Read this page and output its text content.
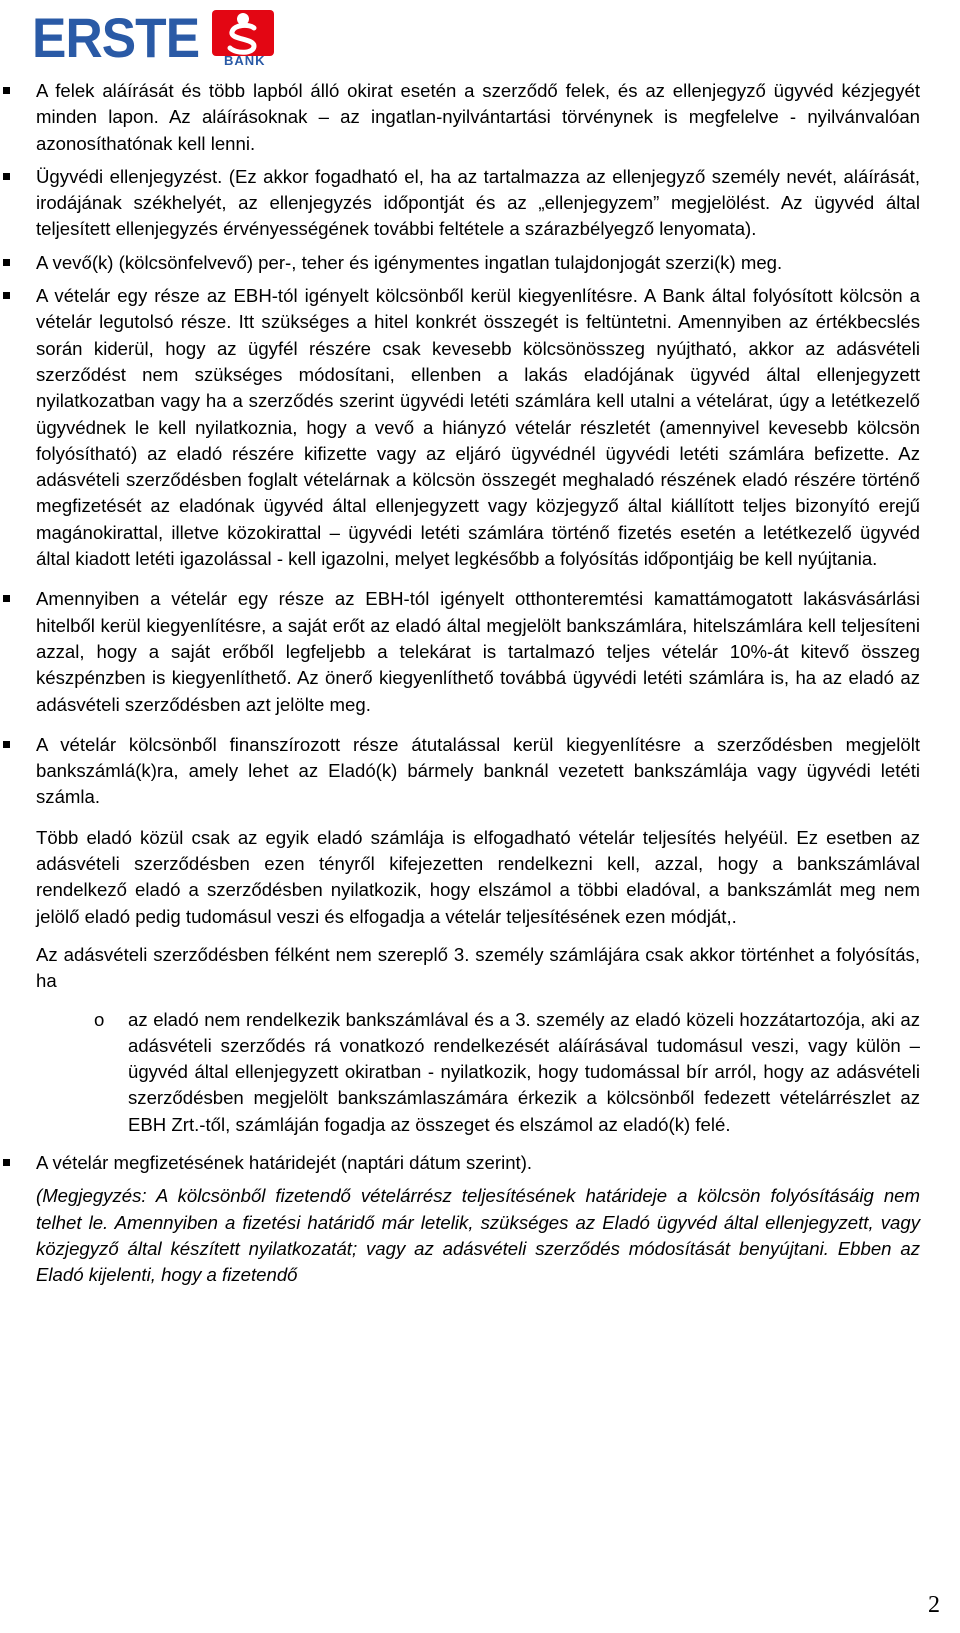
ERSTE BANK
A felek aláírását és több lapból álló okirat esetén a szerződő felek, és az ellenjegyző ügyvéd kézjegyét minden lapon. Az aláírásoknak – az ingatlan-nyilvántartási törvénynek is megfelelve - nyilvánvalóan azonosíthatónak kell lenni.
Ügyvédi ellenjegyzést. (Ez akkor fogadható el, ha az tartalmazza az ellenjegyző személy nevét, aláírását, irodájának székhelyét, az ellenjegyzés időpontját és az „ellenjegyzem” megjelölést. Az ügyvéd által teljesített ellenjegyzés érvényességének további feltétele a szárazbélyegző lenyomata).
A vevő(k) (kölcsönfelvevő) per-, teher és igénymentes ingatlan tulajdonjogát szerzi(k) meg.
A vételár egy része az EBH-tól igényelt kölcsönből kerül kiegyenlítésre. A Bank által folyósított kölcsön a vételár legutolsó része. Itt szükséges a hitel konkrét összegét is feltüntetni. Amennyiben az értékbecslés során kiderül, hogy az ügyfél részére csak kevesebb kölcsönösszeg nyújtható, akkor az adásvételi szerződést nem szükséges módosítani, ellenben a lakás eladójának ügyvéd által ellenjegyzett nyilatkozatban vagy ha a szerződés szerint ügyvédi letéti számlára kell utalni a vételárat, úgy a letétkezelő ügyvédnek le kell nyilatkoznia, hogy a vevő a hiányzó vételár részletét (amennyivel kevesebb kölcsön folyósítható) az eladó részére kifizette vagy az eljáró ügyvédnél ügyvédi letéti számlára befizette. Az adásvételi szerződésben foglalt vételárnak a kölcsön összegét meghaladó részének eladó részére történő megfizetését az eladónak ügyvéd által ellenjegyzett vagy közjegyző által kiállított teljes bizonyító erejű magánokirattal, illetve közokirattal – ügyvédi letéti számlára történő fizetés esetén a letétkezelő ügyvéd által kiadott letéti igazolással - kell igazolni, melyet legkésőbb a folyósítás időpontjáig be kell nyújtania.
Amennyiben a vételár egy része az EBH-tól igényelt otthonteremtési kamattámogatott lakásvásárlási hitelből kerül kiegyenlítésre, a saját erőt az eladó által megjelölt bankszámlára, hitelszámlára kell teljesíteni azzal, hogy a saját erőből legfeljebb a telekárat is tartalmazó teljes vételár 10%-át kitevő összeg készpénzben is kiegyenlíthető. Az önerő kiegyenlíthető továbbá ügyvédi letéti számlára is, ha az eladó az adásvételi szerződésben azt jelölte meg.
A vételár kölcsönből finanszírozott része átutalással kerül kiegyenlítésre a szerződésben megjelölt bankszámlá(k)ra, amely lehet az Eladó(k) bármely banknál vezetett bankszámlája vagy ügyvédi letéti számla.
Több eladó közül csak az egyik eladó számlája is elfogadható vételár teljesítés helyéül. Ez esetben az adásvételi szerződésben ezen tényről kifejezetten rendelkezni kell, azzal, hogy a bankszámlával rendelkező eladó a szerződésben nyilatkozik, hogy elszámol a többi eladóval, a bankszámlát meg nem jelölő eladó pedig tudomásul veszi és elfogadja a vételár teljesítésének ezen módját,.
Az adásvételi szerződésben félként nem szereplő 3. személy számlájára csak akkor történhet a folyósítás, ha
o az eladó nem rendelkezik bankszámlával és a 3. személy az eladó közeli hozzátartozója, aki az adásvételi szerződés rá vonatkozó rendelkezését aláírásával tudomásul veszi, vagy külön – ügyvéd által ellenjegyzett okiratban - nyilatkozik, hogy tudomással bír arról, hogy az adásvételi szerződésben megjelölt bankszámlaszámára érkezik a kölcsönből fedezett vételárrészlet az EBH Zrt.-től, számláján fogadja az összeget és elszámol az eladó(k) felé.
A vételár megfizetésének határidejét (naptári dátum szerint).
(Megjegyzés: A kölcsönből fizetendő vételárrész teljesítésének határideje a kölcsön folyósításáig nem telhet le. Amennyiben a fizetési határidő már letelik, szükséges az Eladó ügyvéd által ellenjegyzett, vagy közjegyző által készített nyilatkozatát; vagy az adásvételi szerződés módosítását benyújtani. Ebben az Eladó kijelenti, hogy a fizetendő
2
